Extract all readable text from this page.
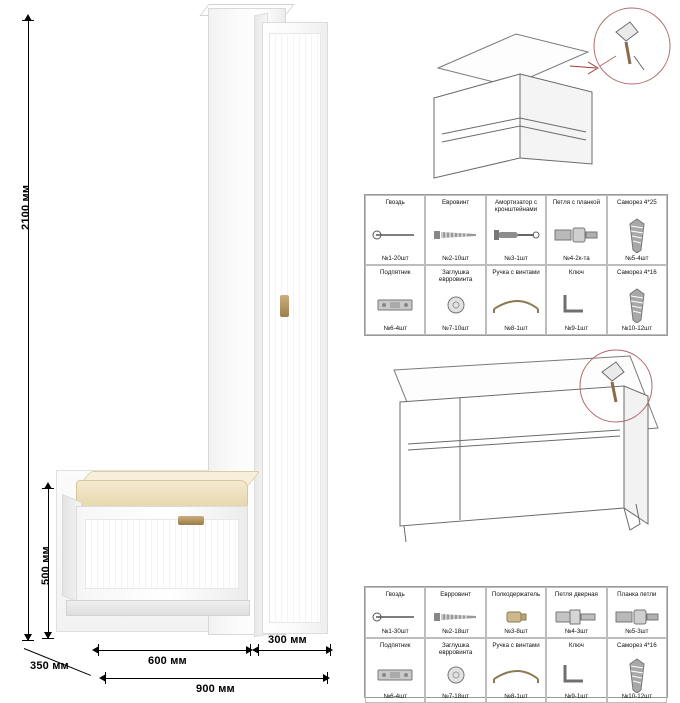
2100 мм
500 мм
350 мм	600 мм
300 мм
900 мм
Гвоздь
№1-20шт
Евровинт
№2-10шт
Амортизатор с кронштейнами
№3-1шт
Петля с планкой
№4-2к-та
Саморез 4*25
№5-4шт
Подпятник
№6-4шт
Заглушка еврровинта
№7-10шт
Ручка с винтами
№8-1шт
Ключ
№9-1шт
Саморез 4*16
№10-12шт
Гвоздь
№1-30шт
Еврровинт
№2-18шт
Полкодержатель
№3-8шт
Петля дверная
№4-3шт
Планка петли
№5-3шт
Подпятник
№6-4шт
Заглушка еврровинта
№7-18шт
Ручка с винтами
№8-1шт
Ключ
№9-1шт
Саморез 4*16
№10-12шт
